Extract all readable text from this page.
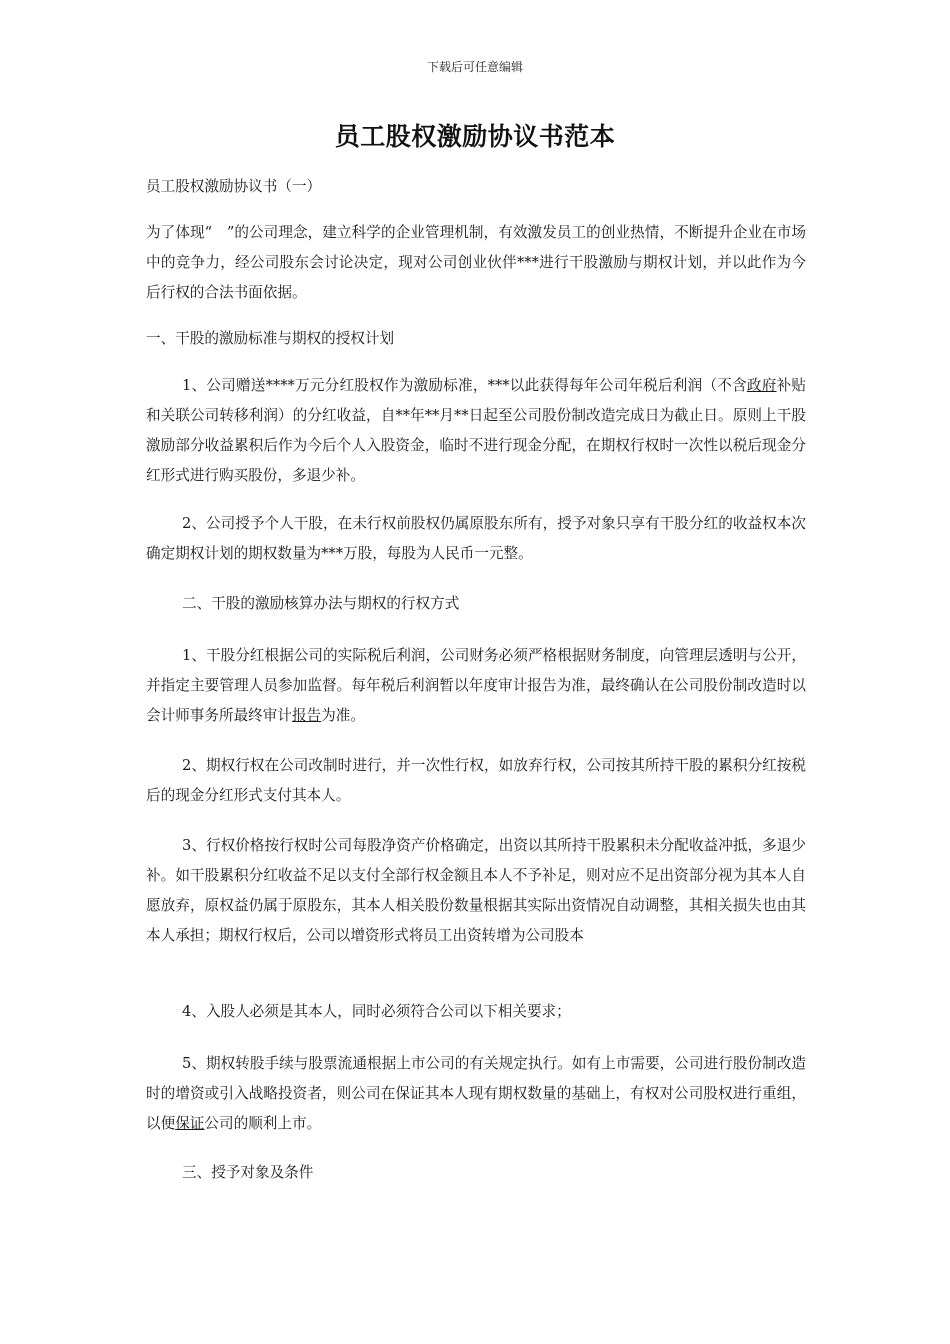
下载后可任意编辑
员工股权激励协议书范本

员工股权激励协议书（一）

为了体现“　”的公司理念，建立科学的企业管理机制，有效激发员工的创业热情，不断提升企业在市场中的竞争力，经公司股东会讨论决定，现对公司创业伙伴***进行干股激励与期权计划，并以此作为今后行权的合法书面依据。

一、干股的激励标准与期权的授权计划

1、公司赠送****万元分红股权作为激励标准，***以此获得每年公司年税后利润（不含政府补贴和关联公司转移利润）的分红收益，自**年**月**日起至公司股份制改造完成日为截止日。原则上干股激励部分收益累积后作为今后个人入股资金，临时不进行现金分配，在期权行权时一次性以税后现金分红形式进行购买股份，多退少补。

2、公司授予个人干股，在未行权前股权仍属原股东所有，授予对象只享有干股分红的收益权本次确定期权计划的期权数量为***万股，每股为人民币一元整。

二、干股的激励核算办法与期权的行权方式

1、干股分红根据公司的实际税后利润，公司财务必须严格根据财务制度，向管理层透明与公开，并指定主要管理人员参加监督。每年税后利润暂以年度审计报告为准，最终确认在公司股份制改造时以会计师事务所最终审计报告为准。

2、期权行权在公司改制时进行，并一次性行权，如放弃行权，公司按其所持干股的累积分红按税后的现金分红形式支付其本人。

3、行权价格按行权时公司每股净资产价格确定，出资以其所持干股累积未分配收益冲抵，多退少补。如干股累积分红收益不足以支付全部行权金额且本人不予补足，则对应不足出资部分视为其本人自愿放弃，原权益仍属于原股东，其本人相关股份数量根据其实际出资情况自动调整，其相关损失也由其本人承担；期权行权后，公司以增资形式将员工出资转增为公司股本

4、入股人必须是其本人，同时必须符合公司以下相关要求；

5、期权转股手续与股票流通根据上市公司的有关规定执行。如有上市需要，公司进行股份制改造时的增资或引入战略投资者，则公司在保证其本人现有期权数量的基础上，有权对公司股权进行重组，以便保证公司的顺利上市。

三、授予对象及条件
